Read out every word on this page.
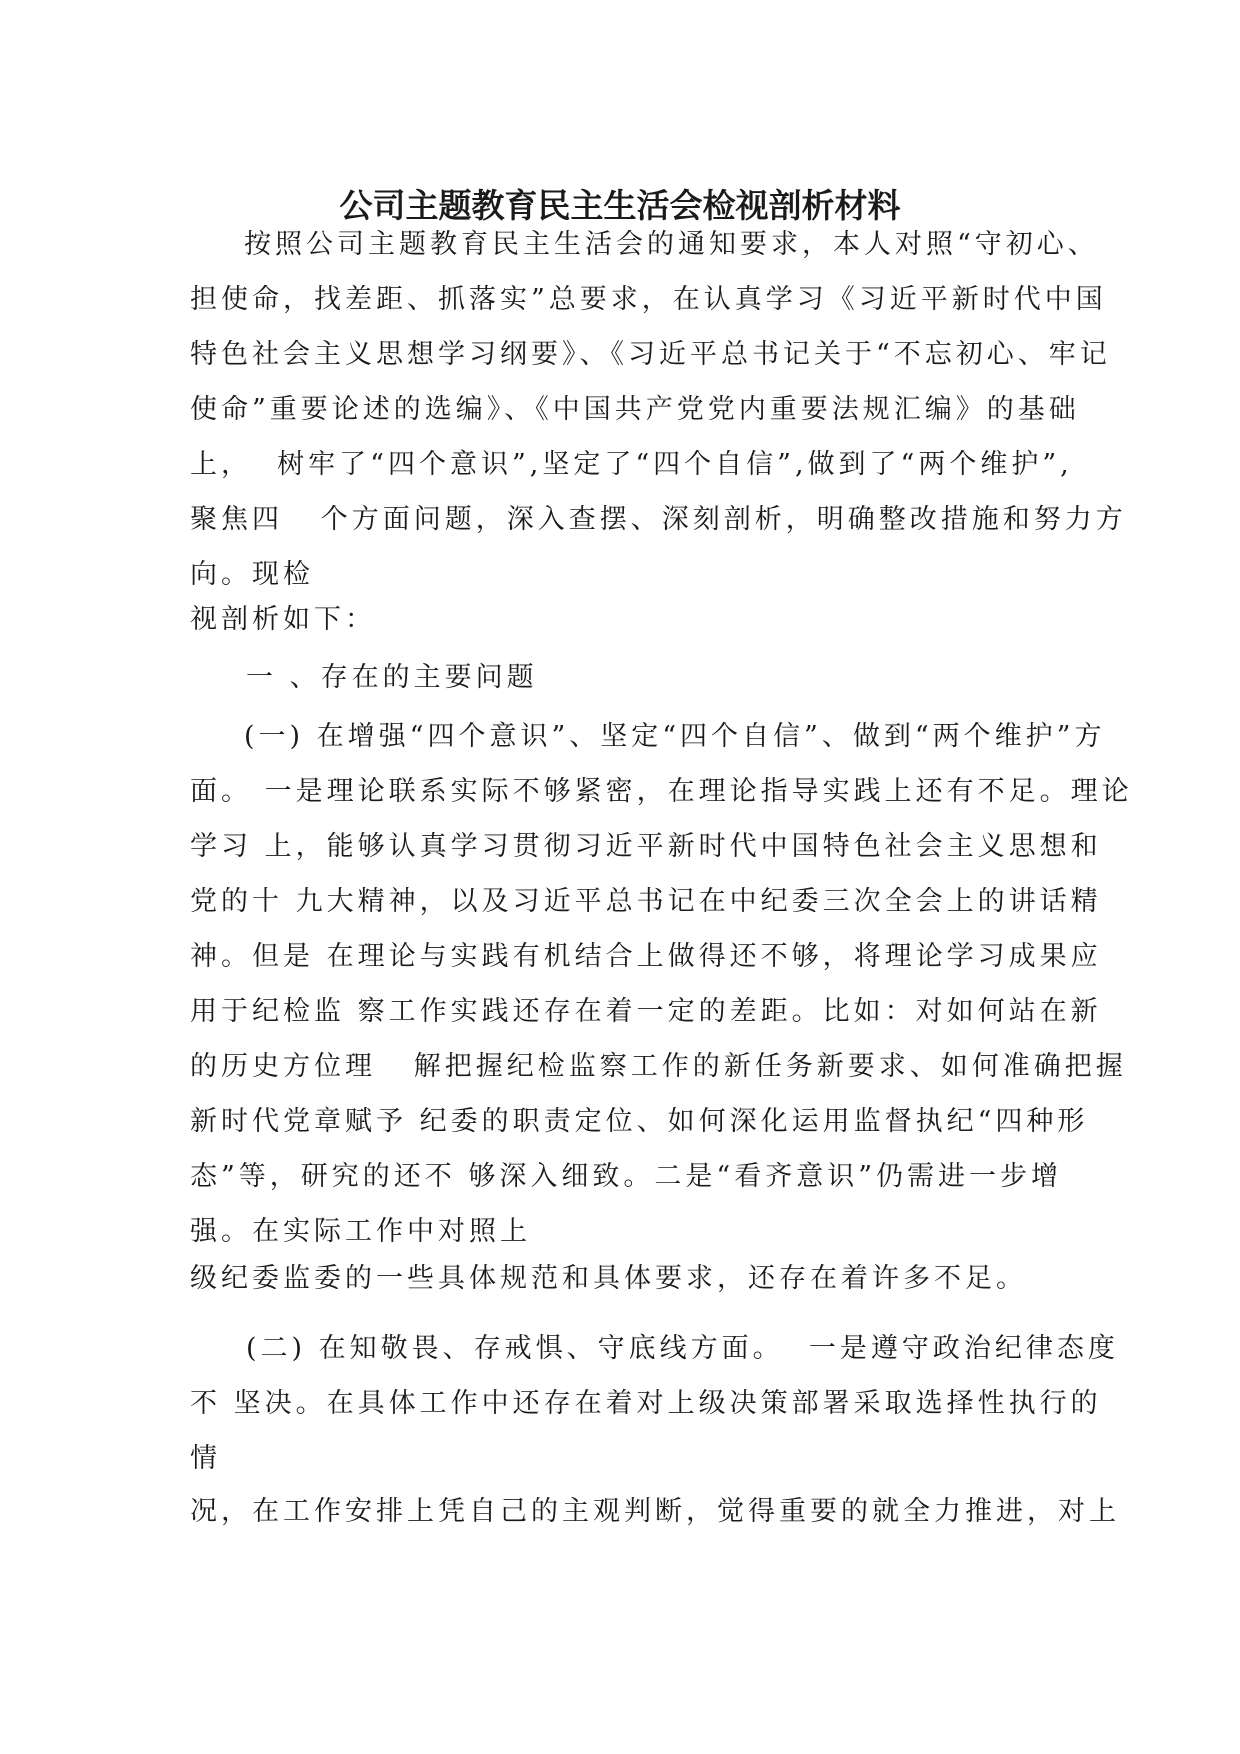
公司主题教育民主生活会检视剖析材料
按照公司主题教育民主生活会的通知要求，本人对照“守初心、
担使命，找差距、抓落实”总要求，在认真学习《习近平新时代中国
特色社会主义思想学习纲要》、《习近平总书记关于“不忘初心、牢记
使命”重要论述的选编》、《中国共产党党内重要法规汇编》的基础
上，  树牢了“四个意识”,坚定了“四个自信”,做到了“两个维护”,
聚焦四   个方面问题，深入查摆、深刻剖析，明确整改措施和努力方
向。现检
视剖析如下：
一 、存在的主要问题
(一) 在增强“四个意识”、坚定“四个自信”、做到“两个维护”方
面。 一是理论联系实际不够紧密，在理论指导实践上还有不足。理论
学习 上，能够认真学习贯彻习近平新时代中国特色社会主义思想和
党的十 九大精神，以及习近平总书记在中纪委三次全会上的讲话精
神。但是 在理论与实践有机结合上做得还不够，将理论学习成果应
用于纪检监 察工作实践还存在着一定的差距。比如：对如何站在新
的历史方位理   解把握纪检监察工作的新任务新要求、如何准确把握
新时代党章赋予 纪委的职责定位、如何深化运用监督执纪“四种形
态”等，研究的还不 够深入细致。二是“看齐意识”仍需进一步增
强。在实际工作中对照上
级纪委监委的一些具体规范和具体要求，还存在着许多不足。
(二) 在知敬畏、存戒惧、守底线方面。  一是遵守政治纪律态度
不 坚决。在具体工作中还存在着对上级决策部署采取选择性执行的
情
况，在工作安排上凭自己的主观判断，觉得重要的就全力推进，对上
